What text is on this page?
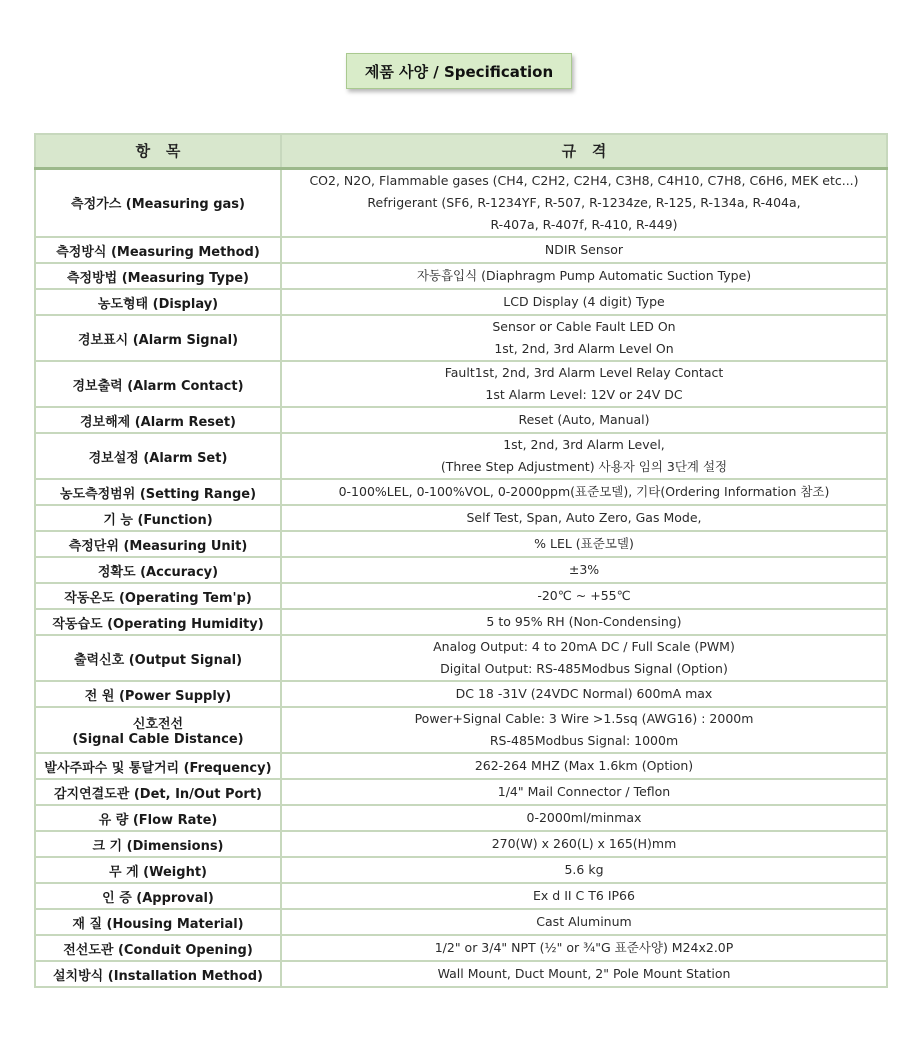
제품 사양 / Specification
항   목	규   격

측정가스 (Measuring gas)	CO2, N2O, Flammable gases (CH4, C2H2, C2H4, C3H8, C4H10, C7H8, C6H6, MEK etc...)
Refrigerant (SF6, R-1234YF, R-507, R-1234ze, R-125, R-134a, R-404a,
R-407a, R-407f, R-410, R-449)

측정방식 (Measuring Method)	NDIR Sensor

측정방법 (Measuring Type)	자동흡입식 (Diaphragm Pump Automatic Suction Type)

농도형태 (Display)	LCD Display (4 digit) Type

경보표시 (Alarm Signal)	Sensor or Cable Fault LED On
1st, 2nd, 3rd Alarm Level On

경보출력 (Alarm Contact)	Fault1st, 2nd, 3rd Alarm Level Relay Contact
1st Alarm Level: 12V or 24V DC

경보해제 (Alarm Reset)	Reset (Auto, Manual)

경보설정 (Alarm Set)	1st, 2nd, 3rd Alarm Level,
(Three Step Adjustment) 사용자 임의 3단계 설정

농도측정범위 (Setting Range)	0-100%LEL, 0-100%VOL, 0-2000ppm(표준모델), 기타(Ordering Information 참조)

기 능 (Function)	Self Test, Span, Auto Zero, Gas Mode,

측정단위 (Measuring Unit)	% LEL (표준모델)

정확도 (Accuracy)	±3%

작동온도 (Operating Tem'p)	-20℃ ~ +55℃

작동습도 (Operating Humidity)	5 to 95% RH (Non-Condensing)

출력신호 (Output Signal)	Analog Output: 4 to 20mA DC / Full Scale (PWM)
Digital Output: RS-485Modbus Signal (Option)

전 원 (Power Supply)	DC 18 -31V (24VDC Normal) 600mA max

신호전선
(Signal Cable Distance)	Power+Signal Cable: 3 Wire >1.5sq (AWG16) : 2000m
RS-485Modbus Signal: 1000m

발사주파수 및 통달거리 (Frequency)	262-264 MHZ (Max 1.6km (Option)

감지연결도관 (Det, In/Out Port)	1/4" Mail Connector / Teflon

유 량 (Flow Rate)	0-2000ml/minmax

크 기 (Dimensions)	270(W) x 260(L) x 165(H)mm

무 게 (Weight)	5.6 kg

인 증 (Approval)	Ex d II C T6 IP66

재 질 (Housing Material)	Cast Aluminum

전선도관 (Conduit Opening)	1/2" or 3/4" NPT (½" or ¾"G 표준사양) M24x2.0P

설치방식 (Installation Method)	Wall Mount, Duct Mount, 2" Pole Mount Station
